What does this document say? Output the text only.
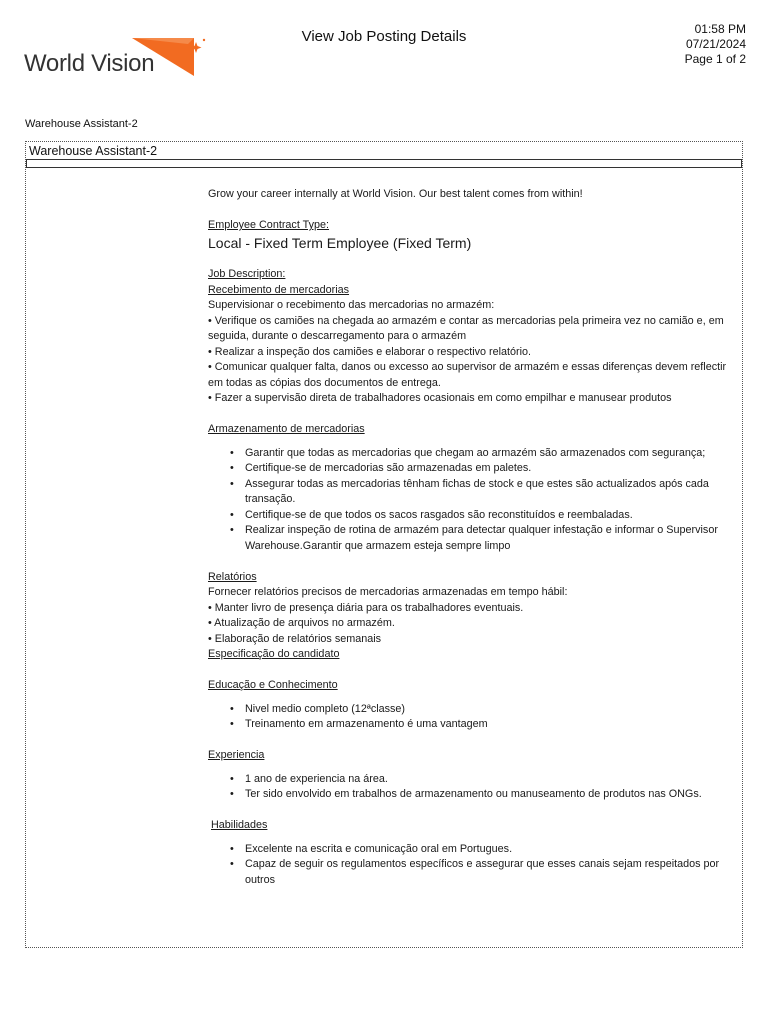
World Vision
View Job Posting Details	01:58 PM
07/21/2024
Page 1 of 2
Warehouse Assistant-2
Warehouse Assistant-2

Grow your career internally at World Vision. Our best talent comes from within!

Employee Contract Type:

Local - Fixed Term Employee (Fixed Term)

Job Description:

Recebimento de mercadorias

Supervisionar o recebimento das mercadorias no armazém:

• Verifique os camiões na chegada ao armazém e contar as mercadorias pela primeira vez no camião e, em seguida, durante o descarregamento para o armazém

• Realizar a inspeção dos camiões e elaborar o respectivo relatório.

• Comunicar qualquer falta, danos ou excesso ao supervisor de armazém e essas diferenças devem reflectir em todas as cópias dos documentos de entrega.

• Fazer a supervisão direta de trabalhadores ocasionais em como empilhar e manusear produtos

Armazenamento de mercadorias

• Garantir que todas as mercadorias que chegam ao armazém são armazenados com segurança;
• Certifique-se de mercadorias são armazenadas em paletes.
• Assegurar todas as mercadorias tênham fichas de stock e que estes são actualizados após cada transação.
• Certifique-se de que todos os sacos rasgados são reconstituídos e reembaladas.
• Realizar inspeção de rotina de armazém para detectar qualquer infestação e informar o Supervisor Warehouse.Garantir que armazem esteja sempre limpo

Relatórios

Fornecer relatórios precisos de mercadorias armazenadas em tempo hábil:

• Manter livro de presença diária para os trabalhadores eventuais.

• Atualização de arquivos no armazém.

• Elaboração de relatórios semanais

Especificação do candidato

Educação e Conhecimento

• Nivel medio completo (12ªclasse)
• Treinamento em armazenamento é uma vantagem

Experiencia

• 1 ano de experiencia na área.
• Ter sido envolvido em trabalhos de armazenamento ou manuseamento de produtos nas ONGs.

Habilidades

• Excelente na escrita e comunicação oral em Portugues.
• Capaz de seguir os regulamentos específicos e assegurar que esses canais sejam respeitados por outros
